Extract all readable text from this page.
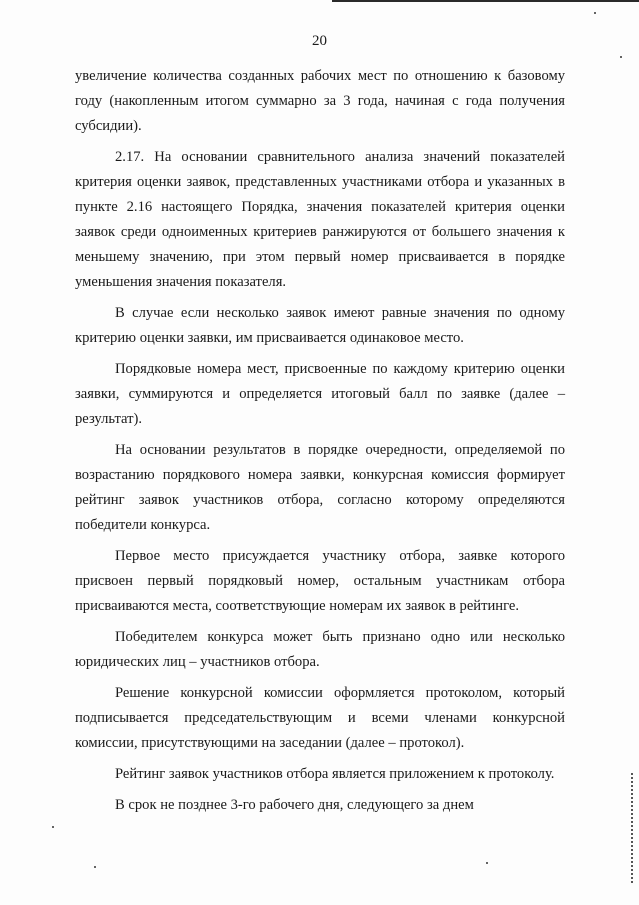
20

увеличение количества созданных рабочих мест по отношению к базовому году (накопленным итогом суммарно за 3 года, начиная с года получения субсидии).

2.17. На основании сравнительного анализа значений показателей критерия оценки заявок, представленных участниками отбора и указанных в пункте 2.16 настоящего Порядка, значения показателей критерия оценки заявок среди одноименных критериев ранжируются от большего значения к меньшему значению, при этом первый номер присваивается в порядке уменьшения значения показателя.

В случае если несколько заявок имеют равные значения по одному критерию оценки заявки, им присваивается одинаковое место.

Порядковые номера мест, присвоенные по каждому критерию оценки заявки, суммируются и определяется итоговый балл по заявке (далее – результат).

На основании результатов в порядке очередности, определяемой по возрастанию порядкового номера заявки, конкурсная комиссия формирует рейтинг заявок участников отбора, согласно которому определяются победители конкурса.

Первое место присуждается участнику отбора, заявке которого присвоен первый порядковый номер, остальным участникам отбора присваиваются места, соответствующие номерам их заявок в рейтинге.

Победителем конкурса может быть признано одно или несколько юридических лиц – участников отбора.

Решение конкурсной комиссии оформляется протоколом, который подписывается председательствующим и всеми членами конкурсной комиссии, присутствующими на заседании (далее – протокол).

Рейтинг заявок участников отбора является приложением к протоколу.

В срок не позднее 3-го рабочего дня, следующего за днем
